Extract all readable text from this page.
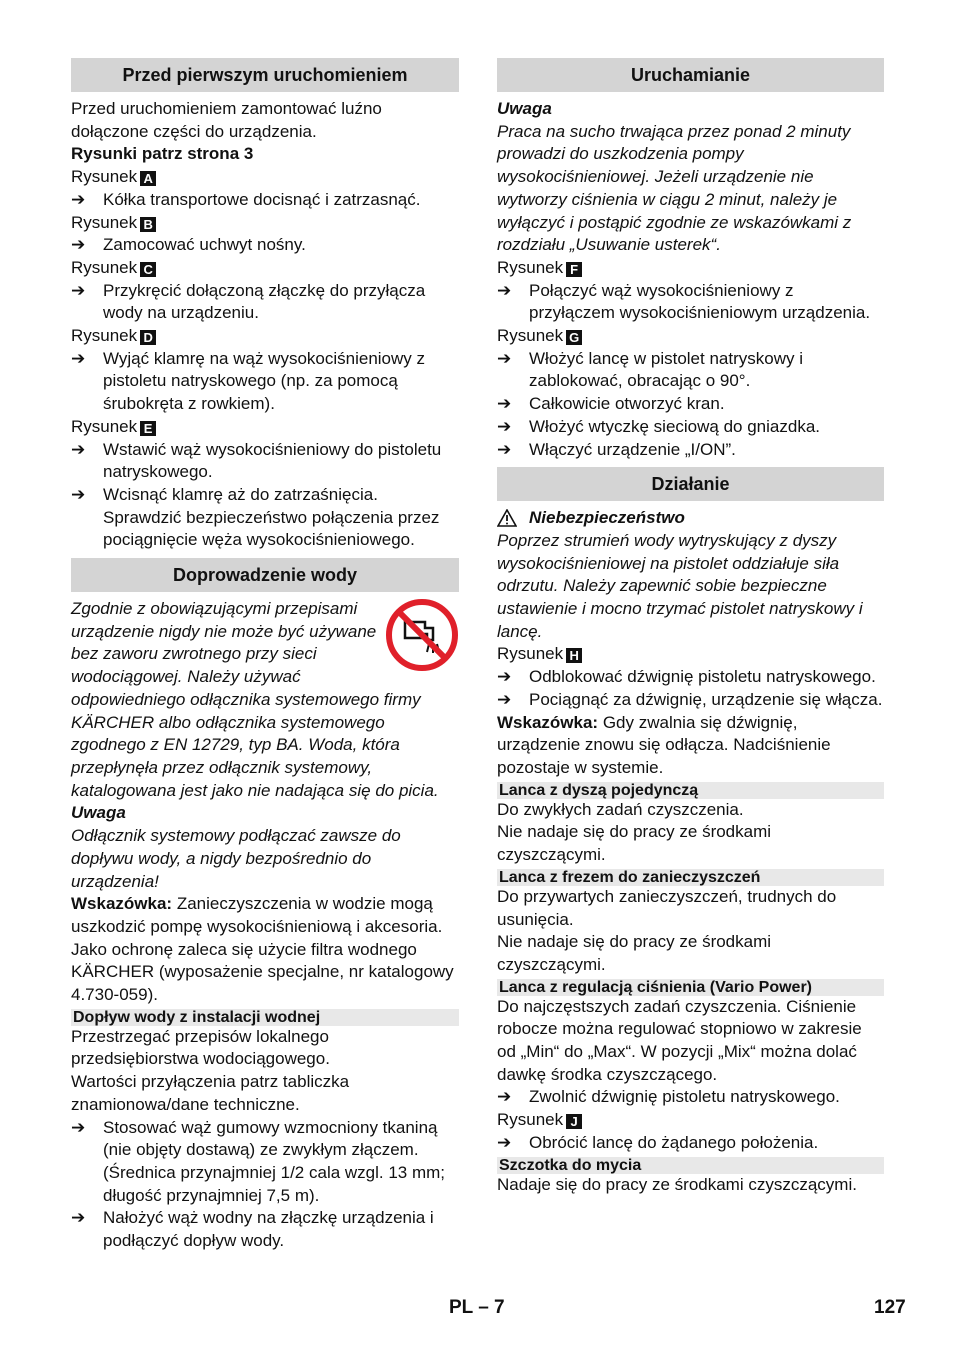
Przed pierwszym uruchomieniem

Przed uruchomieniem zamontować luźno dołączone części do urządzenia.

Rysunki patrz strona 3

Rysunek A

➔ Kółka transportowe docisnąć i zatrzasnąć.

Rysunek B

➔ Zamocować uchwyt nośny.

Rysunek C

➔ Przykręcić dołączoną złączkę do przyłącza wody na urządzeniu.

Rysunek D

➔ Wyjąć klamrę na wąż wysokociśnieniowy z pistoletu natryskowego (np. za pomocą śrubokręta z rowkiem).

Rysunek E

➔ Wstawić wąż wysokociśnieniowy do pistoletu natryskowego.
➔ Wcisnąć klamrę aż do zatrzaśnięcia. Sprawdzić bezpieczeństwo połączenia przez pociągnięcie węża wysokociśnieniowego.
Doprowadzenie wody

Zgodnie z obowiązującymi przepisami urządzenie nigdy nie może być używane bez zaworu zwrotnego przy sieci wodociągowej. Należy używać odpowiedniego odłącznika systemowego firmy KÄRCHER albo odłącznika systemowego zgodnego z EN 12729, typ BA. Woda, która przepłynęła przez odłącznik systemowy, katalogowana jest jako nie nadająca się do picia.

Uwaga

Odłącznik systemowy podłączać zawsze do dopływu wody, a nigdy bezpośrednio do urządzenia!

Wskazówka: Zanieczyszczenia w wodzie mogą uszkodzić pompę wysokociśnieniową i akcesoria. Jako ochronę zaleca się użycie filtra wodnego KÄRCHER (wyposażenie specjalne, nr katalogowy 4.730-059).

Dopływ wody z instalacji wodnej

Przestrzegać przepisów lokalnego przedsiębiorstwa wodociągowego.

Wartości przyłączenia patrz tabliczka znamionowa/dane techniczne.

➔ Stosować wąż gumowy wzmocniony tkaniną (nie objęty dostawą) ze zwykłym złączem. (Średnica przynajmniej 1/2 cala wzgl. 13 mm; długość przynajmniej 7,5 m).
➔ Nałożyć wąż wodny na złączkę urządzenia i podłączyć dopływ wody.
Uruchamianie

Uwaga

Praca na sucho trwająca przez ponad 2 minuty prowadzi do uszkodzenia pompy wysokociśnieniowej. Jeżeli urządzenie nie wytworzy ciśnienia w ciągu 2 minut, należy je wyłączyć i postąpić zgodnie ze wskazówkami z rozdziału „Usuwanie usterek“.

Rysunek F

➔ Połączyć wąż wysokociśnieniowy z przyłączem wysokociśnieniowym urządzenia.

Rysunek G

➔ Włożyć lancę w pistolet natryskowy i zablokować, obracając o 90°.
➔ Całkowicie otworzyć kran.
➔ Włożyć wtyczkę sieciową do gniazdka.
➔ Włączyć urządzenie „I/ON”.
Działanie
Niebezpieczeństwo

Poprzez strumień wody wytryskujący z dyszy wysokociśnieniowej na pistolet oddziałuje siła odrzutu. Należy zapewnić sobie bezpieczne ustawienie i mocno trzymać pistolet natryskowy i lancę.

Rysunek H

➔ Odblokować dźwignię pistoletu natryskowego.
➔ Pociągnąć za dźwignię, urządzenie się włącza.

Wskazówka: Gdy zwalnia się dźwignię, urządzenie znowu się odłącza. Nadciśnienie pozostaje w systemie.

Lanca z dyszą pojedynczą

Do zwykłych zadań czyszczenia.

Nie nadaje się do pracy ze środkami czyszczącymi.

Lanca z frezem do zanieczyszczeń

Do przywartych zanieczyszczeń, trudnych do usunięcia.

Nie nadaje się do pracy ze środkami czyszczącymi.

Lanca z regulacją ciśnienia (Vario Power)

Do najczęstszych zadań czyszczenia. Ciśnienie robocze można regulować stopniowo w zakresie od „Min“ do „Max“. W pozycji „Mix“ można dolać dawkę środka czyszczącego.

➔ Zwolnić dźwignię pistoletu natryskowego.

Rysunek J

➔ Obrócić lancę do żądanego położenia.
Szczotka do mycia

Nadaje się do pracy ze środkami czyszczącymi.

PL – 7	127
